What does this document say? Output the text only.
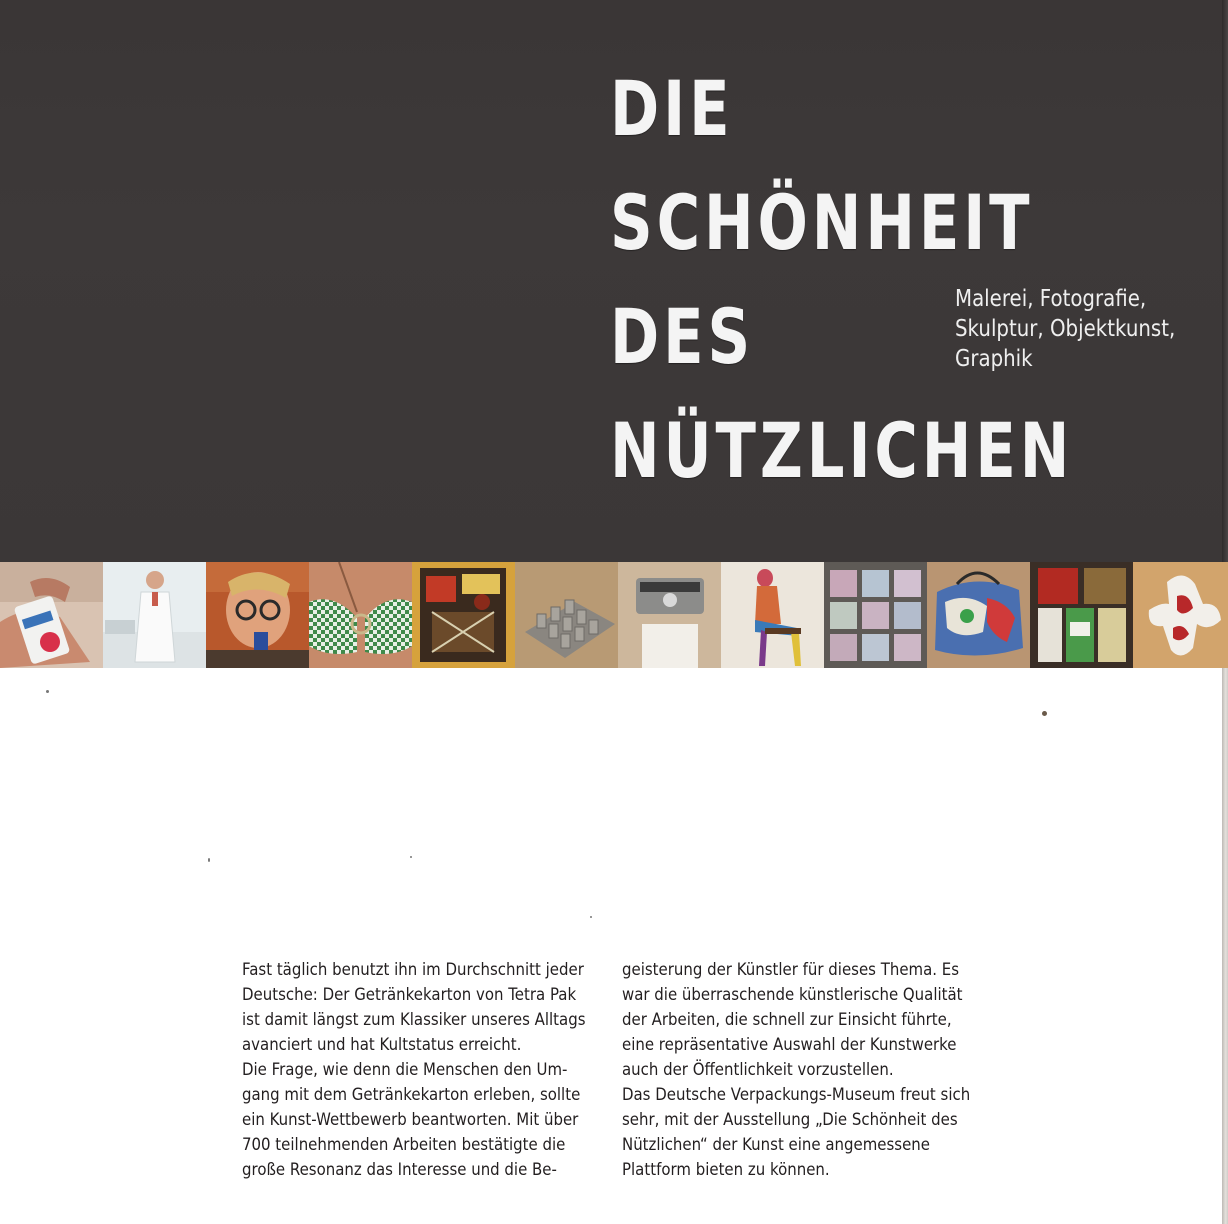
DIE
SCHÖNHEIT
DES
NÜTZLICHEN

Malerei, Fotografie,
Skulptur, Objektkunst,
Graphik

Fast täglich benutzt ihn im Durchschnitt jeder
Deutsche: Der Getränkekarton von Tetra Pak
ist damit längst zum Klassiker unseres Alltags
avanciert und hat Kultstatus erreicht.
Die Frage, wie denn die Menschen den Um-
gang mit dem Getränkekarton erleben, sollte
ein Kunst-Wettbewerb beantworten. Mit über
700 teilnehmenden Arbeiten bestätigte die
große Resonanz das Interesse und die Be-
geisterung der Künstler für dieses Thema. Es
war die überraschende künstlerische Qualität
der Arbeiten, die schnell zur Einsicht führte,
eine repräsentative Auswahl der Kunstwerke
auch der Öffentlichkeit vorzustellen.
Das Deutsche Verpackungs-Museum freut sich
sehr, mit der Ausstellung „Die Schönheit des
Nützlichen“ der Kunst eine angemessene
Plattform bieten zu können.
